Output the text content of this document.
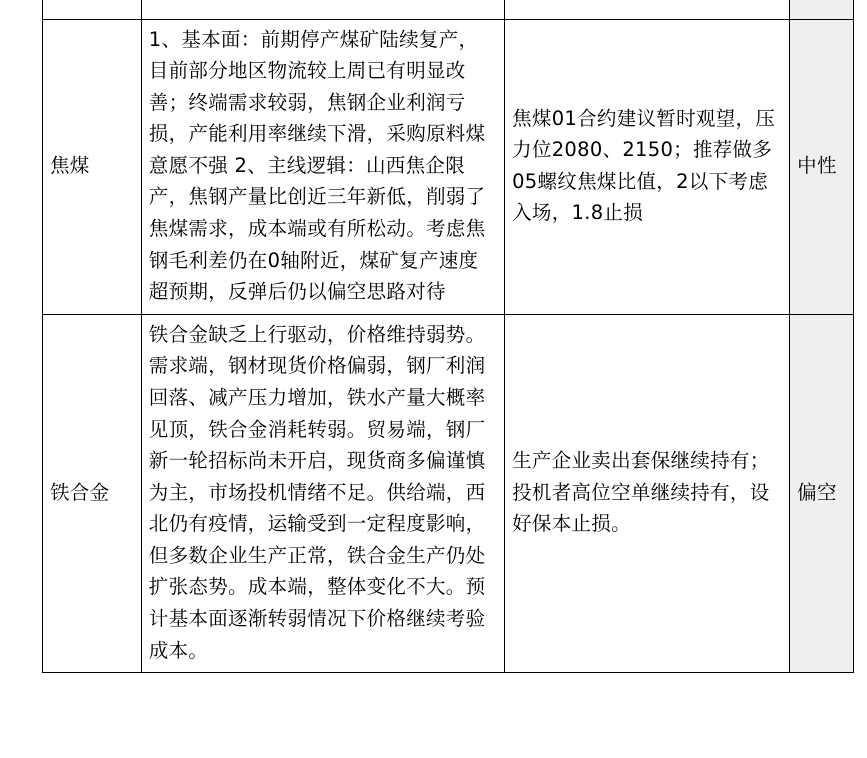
焦煤	1、基本面：前期停产煤矿陆续复产，目前部分地区物流较上周已有明显改善；终端需求较弱，焦钢企业利润亏损，产能利用率继续下滑，采购原料煤意愿不强 2、主线逻辑：山西焦企限产，焦钢产量比创近三年新低，削弱了焦煤需求，成本端或有所松动。考虑焦钢毛利差仍在0轴附近，煤矿复产速度超预期，反弹后仍以偏空思路对待	焦煤01合约建议暂时观望，压力位2080、2150；推荐做多05螺纹焦煤比值，2以下考虑入场，1.8止损	中性
铁合金	铁合金缺乏上行驱动，价格维持弱势。需求端，钢材现货价格偏弱，钢厂利润回落、减产压力增加，铁水产量大概率见顶，铁合金消耗转弱。贸易端，钢厂新一轮招标尚未开启，现货商多偏谨慎为主，市场投机情绪不足。供给端，西北仍有疫情，运输受到一定程度影响，但多数企业生产正常，铁合金生产仍处扩张态势。成本端，整体变化不大。预计基本面逐渐转弱情况下价格继续考验成本。	生产企业卖出套保继续持有；投机者高位空单继续持有，设好保本止损。	偏空
